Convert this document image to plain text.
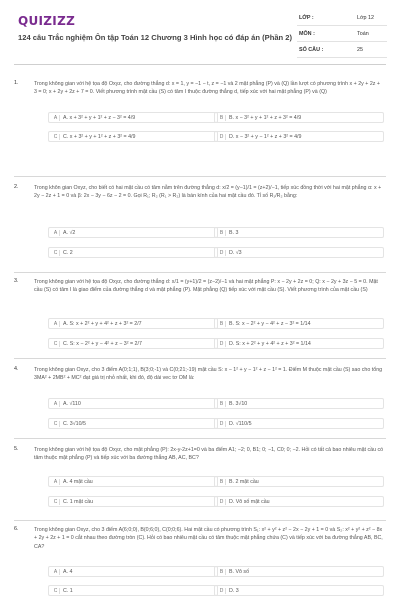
QUIZIZZ
124 câu Trắc nghiệm Ôn tập Toán 12 Chương 3 Hình học có đáp án (Phần 2)
LỚP :	Lớp 12
MÔN :	Toán
SỐ CÂU :	25
1.	Trong không gian với hệ tọa độ Oxyz, cho đường thẳng d: x = 1, y = −1 − t, z = −1 và 2 mặt phẳng (P) và (Q) lần lượt có phương trình x + 2y + 2z + 3 = 0; x + 2y + 2z + 7 = 0. Viết phương trình mặt cầu (S) có tâm I thuộc đường thẳng d, tiếp xúc với hai mặt phẳng (P) và (Q)
A	A. x + 3² + y + 1² + z − 3² = 4/9	B	B. x − 3² + y + 1² + z + 3² = 4/9
C	C. x + 3² + y + 1² + z + 3² = 4/9	D	D. x − 3² + y − 1² + z + 3² = 4/9
2.	Trong khôn gian Oxyz, cho biết có hai mặt cầu có tâm nằm trên đường thẳng d: x/2 = (y−1)/1 = (z+2)/−1, tiếp xúc đồng thời với hai mặt phẳng α: x + 2y − 2z + 1 = 0 và β: 2x − 3y − 6z − 2 = 0. Gọi R₁; R₂ (R₁ > R₂) là bán kính của hai mặt cầu đó. Tỉ số R₁/R₂ bằng:
A	A. √2	B	B. 3
C	C. 2	D	D. √3
3.	Trong không gian với hệ tọa độ Oxyz, cho đường thẳng d: x/1 = (y+1)/2 = (z−2)/−1 và hai mặt phẳng P: x − 2y + 2z = 0; Q: x − 2y + 3z − 5 = 0. Mặt cầu (S) có tâm I là giao điểm của đường thẳng d và mặt phẳng (P). Mặt phẳng (Q) tiếp xúc với mặt cầu (S). Viết phương trình của mặt cầu (S)
A	A. S: x + 2² + y + 4² + z + 3² = 2/7	B	B. S: x − 2² + y − 4² + z − 3² = 1/14
C	C. S: x − 2² + y − 4² + z − 3² = 2/7	D	D. S: x + 2² + y + 4² + z + 3² = 1/14
4.	Trong không gian Oxyz, cho 3 điểm A(0;1;1), B(3;0;-1) và C(0;21;-19) mặt cầu S: x − 1² + y − 1² + z − 1² = 1. Điểm M thuộc mặt cầu (S) sao cho tổng 3MA² + 2MB² + MC² đạt giá trị nhỏ nhất, khi đó, độ dài vec tơ OM là:
A	A. √110	B	B. 3√10
C	C. 3√10/5	D	D. √110/5
5.	Trong không gian với hệ tọa độ Oxyz, cho mặt phẳng (P): 2x-y-2z+1=0 và ba điểm A1; −2; 0, B1; 0; −1, C0; 0; −2. Hỏi có tất cả bao nhiêu mặt cầu có tâm thuộc mặt phẳng (P) và tiếp xúc với ba đường thẳng AB, AC, BC?
A	A. 4 mặt cầu	B	B. 2 mặt cầu
C	C. 1 mặt cầu	D	D. Vô số mặt cầu
6.	Trong không gian Oxyz, cho 3 điểm A(6;0;0), B(0;6;0), C(0;0;6). Hai mặt cầu có phương trình S₁: x² + y² + z² − 2x − 2y + 1 = 0 và S₂: x² + y² + z² − 8x + 2y + 2z + 1 = 0 cắt nhau theo đường tròn (C). Hỏi có bao nhiêu mặt cầu có tâm thuộc mặt phẳng chứa (C) và tiếp xúc với ba đường thẳng AB, BC, CA?
A	A. 4	B	B. Vô số
C	C. 1	D	D. 3
